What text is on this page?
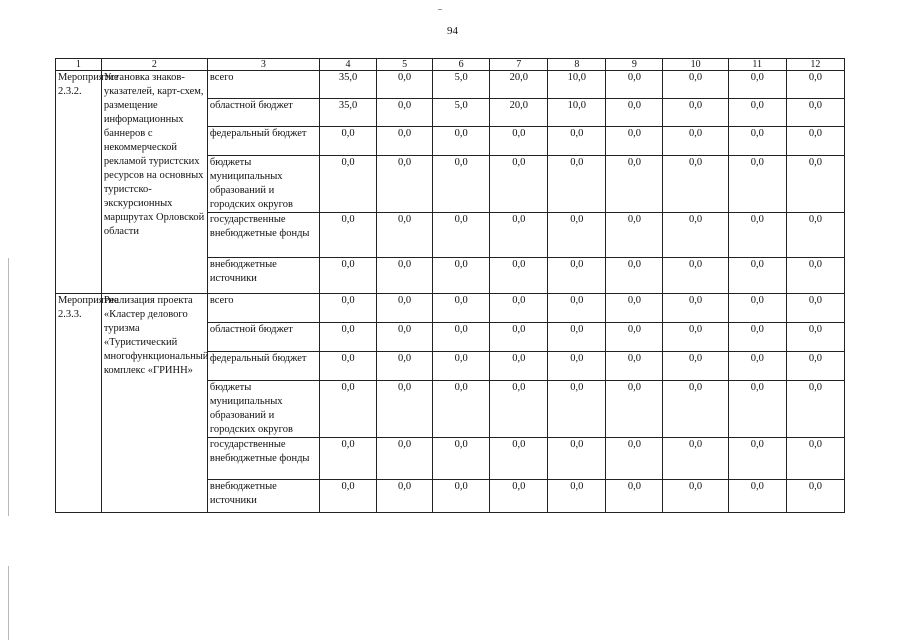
94
1	2	3	4	5	6	7	8	9	10	11	12
Мероприятие 2.3.2.	Установка знаков-указателей, карт-схем, размещение информационных баннеров с некоммерческой рекламой туристских ресурсов на основных туристско-экскурсионных маршрутах Орловской области	всего	35,0	0,0	5,0	20,0	10,0	0,0	0,0	0,0	0,0
		областной бюджет	35,0	0,0	5,0	20,0	10,0	0,0	0,0	0,0	0,0
		федеральный бюджет	0,0	0,0	0,0	0,0	0,0	0,0	0,0	0,0	0,0
		бюджеты муниципальных образований и городских округов	0,0	0,0	0,0	0,0	0,0	0,0	0,0	0,0	0,0
		государственные внебюджетные фонды	0,0	0,0	0,0	0,0	0,0	0,0	0,0	0,0	0,0
		внебюджетные источники	0,0	0,0	0,0	0,0	0,0	0,0	0,0	0,0	0,0
Мероприятие 2.3.3.	Реализация проекта «Кластер делового туризма «Туристический многофункциональный комплекс «ГРИНН»	всего	0,0	0,0	0,0	0,0	0,0	0,0	0,0	0,0	0,0
		областной бюджет	0,0	0,0	0,0	0,0	0,0	0,0	0,0	0,0	0,0
		федеральный бюджет	0,0	0,0	0,0	0,0	0,0	0,0	0,0	0,0	0,0
		бюджеты муниципальных образований и городских округов	0,0	0,0	0,0	0,0	0,0	0,0	0,0	0,0	0,0
		государственные внебюджетные фонды	0,0	0,0	0,0	0,0	0,0	0,0	0,0	0,0	0,0
		внебюджетные источники	0,0	0,0	0,0	0,0	0,0	0,0	0,0	0,0	0,0
